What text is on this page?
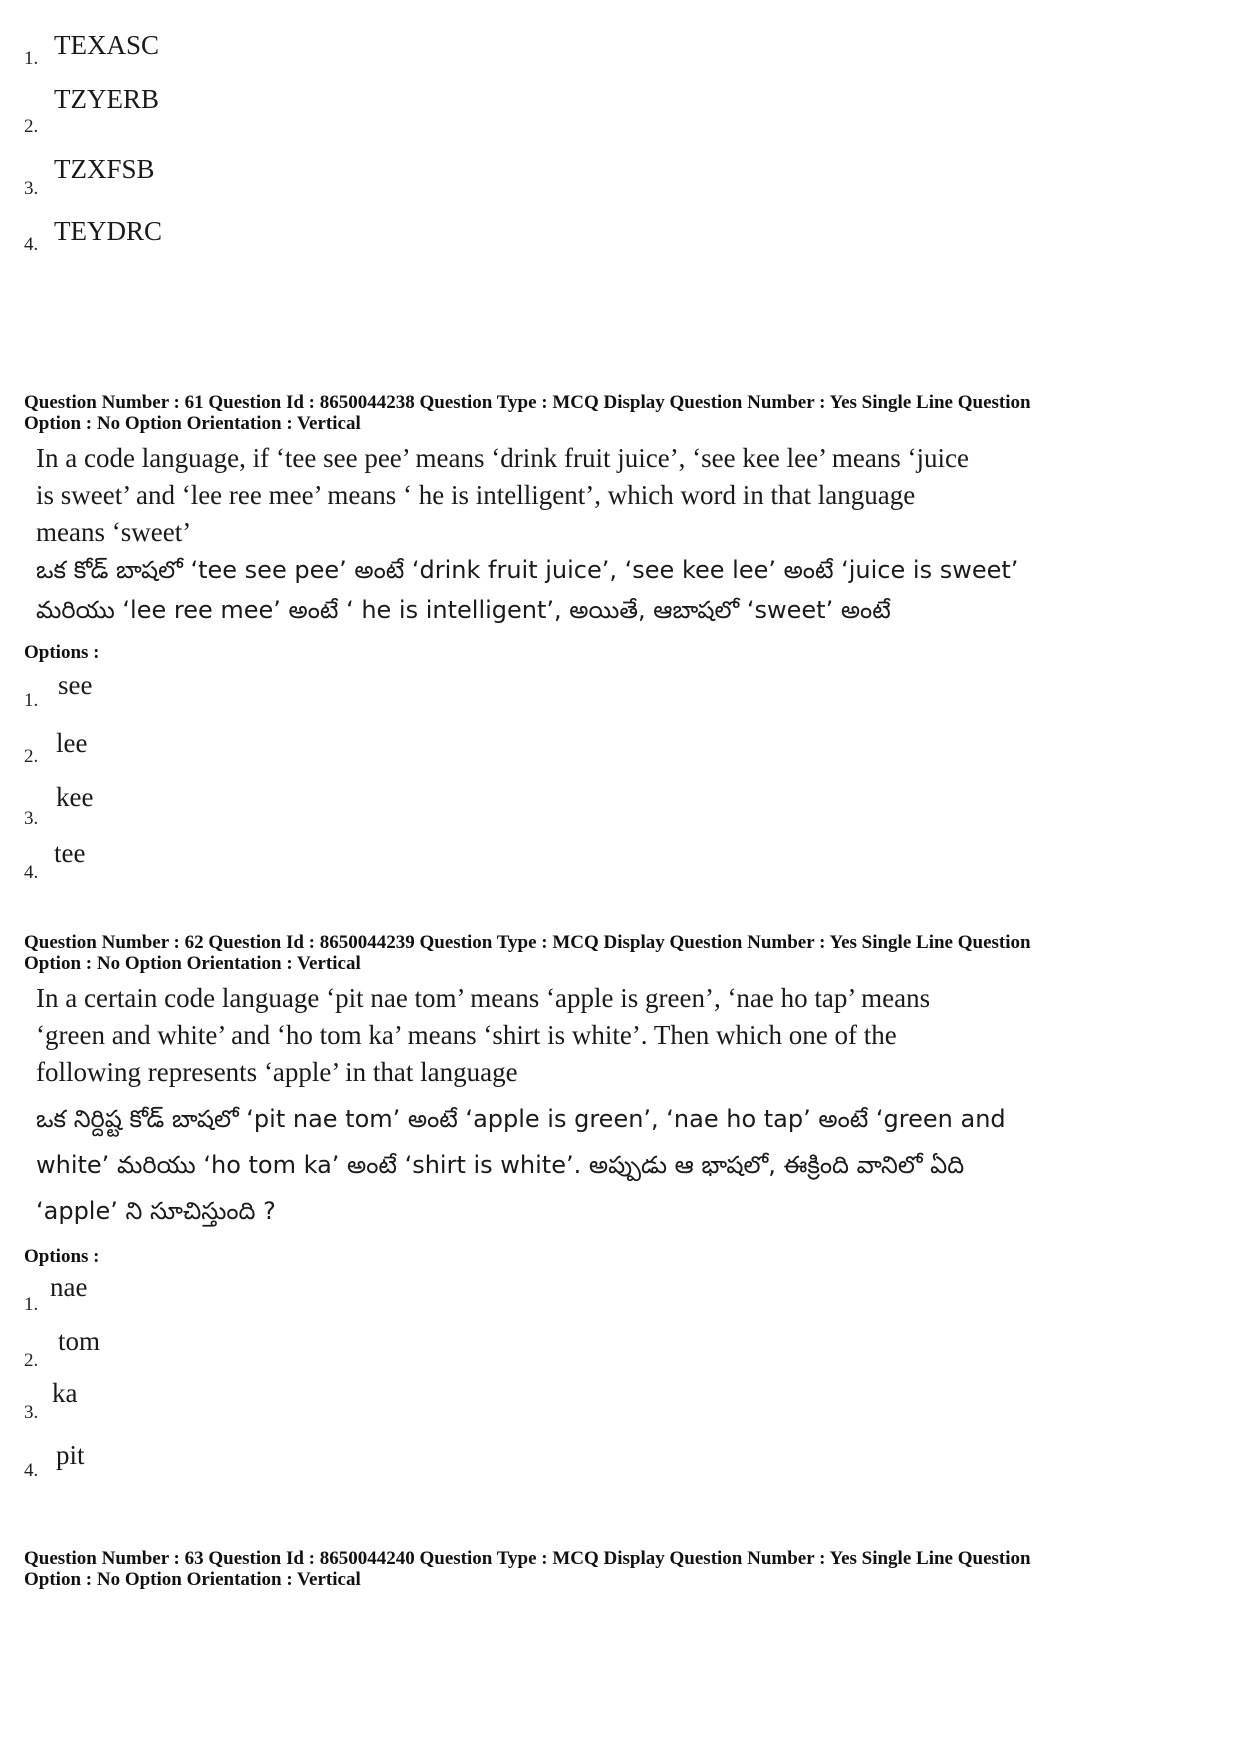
1. TEXASC
2.
TZYERB
3.
TZXFSB
4. TEYDRC
Question Number : 61 Question Id : 8650044238 Question Type : MCQ Display Question Number : Yes Single Line Question
Option : No Option Orientation : Vertical
In a code language, if ‘tee see pee’ means ‘drink fruit juice’, ‘see kee lee’ means ‘juice
is sweet’ and ‘lee ree mee’ means ‘ he is intelligent’, which word in that language
means ‘sweet’
ఒక కోడ్ బాషలో ‘tee see pee’ అంటే ‘drink fruit juice’, ‘see kee lee’ అంటే ‘juice is sweet’
మరియు ‘lee ree mee’ అంటే ‘ he is intelligent’, అయితే, ఆబాషలో ‘sweet’ అంటే
Options :
1.
see
2. lee
3.
kee
4.
tee
Question Number : 62 Question Id : 8650044239 Question Type : MCQ Display Question Number : Yes Single Line Question
Option : No Option Orientation : Vertical
In a certain code language ‘pit nae tom’ means ‘apple is green’, ‘nae ho tap’ means
‘green and white’ and ‘ho tom ka’ means ‘shirt is white’. Then which one of the
following represents ‘apple’ in that language
ఒక నిర్దిష్ట కోడ్ బాషలో ‘pit nae tom’ అంటే ‘apple is green’, ‘nae ho tap’ అంటే ‘green and
white’ మరియు ‘ho tom ka’ అంటే ‘shirt is white’. అప్పుడు ఆ భాషలో, ఈక్రింది వానిలో ఏది
‘apple’ ని సూచిస్తుంది ?
Options :
1.
nae
2.
tom
3.
ka
4.
pit
Question Number : 63 Question Id : 8650044240 Question Type : MCQ Display Question Number : Yes Single Line Question
Option : No Option Orientation : Vertical
